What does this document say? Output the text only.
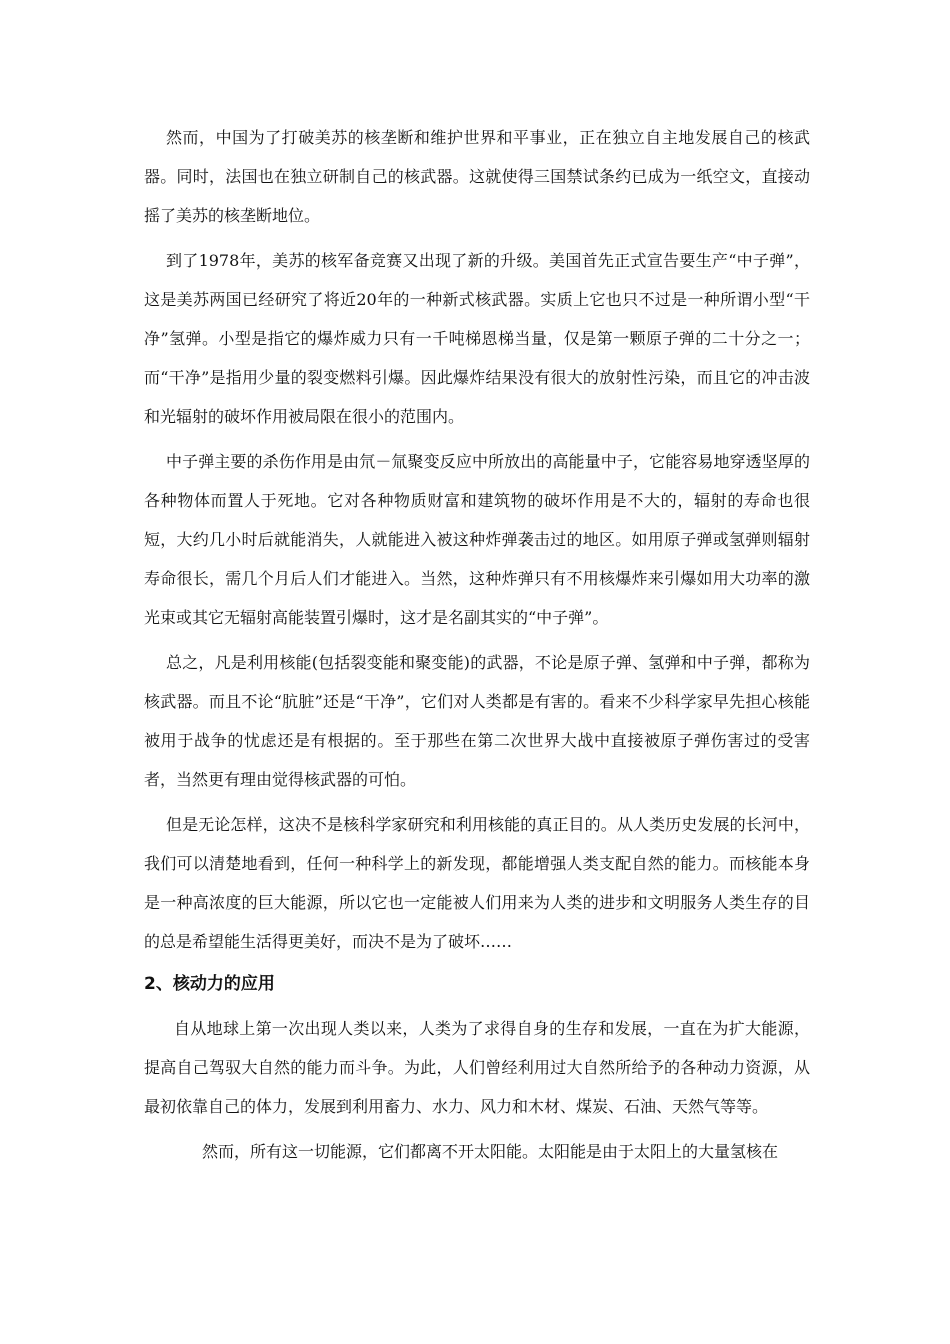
然而，中国为了打破美苏的核垄断和维护世界和平事业，正在独立自主地发展自己的核武器。同时，法国也在独立研制自己的核武器。这就使得三国禁试条约已成为一纸空文，直接动摇了美苏的核垄断地位。

到了1978年，美苏的核军备竞赛又出现了新的升级。美国首先正式宣告要生产“中子弹”，这是美苏两国已经研究了将近20年的一种新式核武器。实质上它也只不过是一种所谓小型“干净”氢弹。小型是指它的爆炸威力只有一千吨梯恩梯当量，仅是第一颗原子弹的二十分之一；而“干净”是指用少量的裂变燃料引爆。因此爆炸结果没有很大的放射性污染，而且它的冲击波和光辐射的破坏作用被局限在很小的范围内。

中子弹主要的杀伤作用是由氘－氚聚变反应中所放出的高能量中子，它能容易地穿透坚厚的各种物体而置人于死地。它对各种物质财富和建筑物的破坏作用是不大的，辐射的寿命也很短，大约几小时后就能消失，人就能进入被这种炸弹袭击过的地区。如用原子弹或氢弹则辐射寿命很长，需几个月后人们才能进入。当然，这种炸弹只有不用核爆炸来引爆如用大功率的激光束或其它无辐射高能装置引爆时，这才是名副其实的“中子弹”。

总之，凡是利用核能(包括裂变能和聚变能)的武器，不论是原子弹、氢弹和中子弹，都称为核武器。而且不论“肮脏”还是“干净”，它们对人类都是有害的。看来不少科学家早先担心核能被用于战争的忧虑还是有根据的。至于那些在第二次世界大战中直接被原子弹伤害过的受害者，当然更有理由觉得核武器的可怕。

但是无论怎样，这决不是核科学家研究和利用核能的真正目的。从人类历史发展的长河中，我们可以清楚地看到，任何一种科学上的新发现，都能增强人类支配自然的能力。而核能本身是一种高浓度的巨大能源，所以它也一定能被人们用来为人类的进步和文明服务人类生存的目的总是希望能生活得更美好，而决不是为了破坏……

2、核动力的应用

自从地球上第一次出现人类以来，人类为了求得自身的生存和发展，一直在为扩大能源，提高自己驾驭大自然的能力而斗争。为此，人们曾经利用过大自然所给予的各种动力资源，从最初依靠自己的体力，发展到利用畜力、水力、风力和木材、煤炭、石油、天然气等等。

然而，所有这一切能源，它们都离不开太阳能。太阳能是由于太阳上的大量氢核在
